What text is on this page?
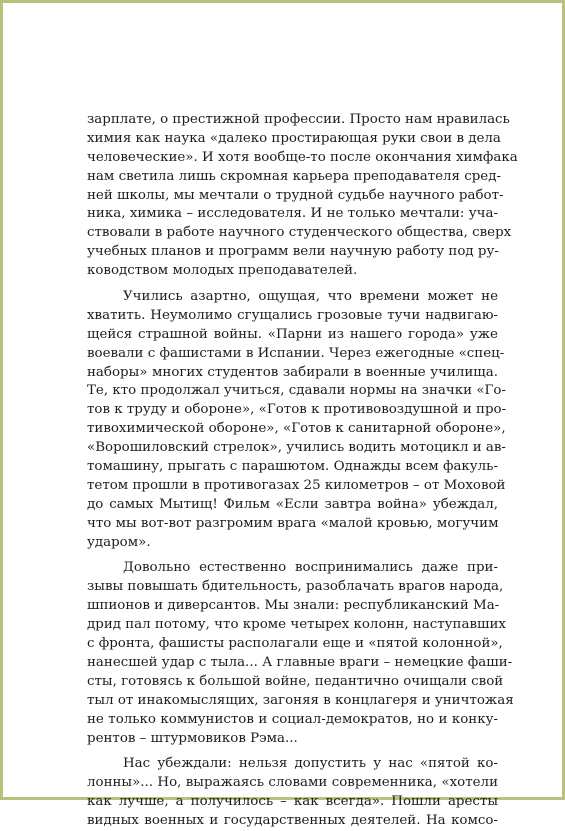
зарплате, о престижной профессии. Просто нам нравилась
химия как наука «далеко простирающая руки свои в дела
человеческие». И хотя вообще-то после окончания химфака
нам светила лишь скромная карьера преподавателя сред-
ней школы, мы мечтали о трудной судьбе научного работ-
ника, химика – исследователя. И не только мечтали: уча-
ствовали в работе научного студенческого общества, сверх
учебных планов и программ вели научную работу под ру-
ководством молодых преподавателей.
Учились азартно, ощущая, что времени может не
хватить. Неумолимо сгущались грозовые тучи надвигаю-
щейся страшной войны. «Парни из нашего города» уже
воевали с фашистами в Испании. Через ежегодные «спец-
наборы» многих студентов забирали в военные училища.
Те, кто продолжал учиться, сдавали нормы на значки «Го-
тов к труду и обороне», «Готов к противовоздушной и про-
тивохимической обороне», «Готов к санитарной обороне»,
«Ворошиловский стрелок», учились водить мотоцикл и ав-
томашину, прыгать с парашютом. Однажды всем факуль-
тетом прошли в противогазах 25 километров – от Моховой
до самых Мытищ! Фильм «Если завтра война» убеждал,
что мы вот-вот разгромим врага «малой кровью, могучим
ударом».
Довольно естественно воспринимались даже при-
зывы повышать бдительность, разоблачать врагов народа,
шпионов и диверсантов. Мы знали: республиканский Ма-
дрид пал потому, что кроме четырех колонн, наступавших
с фронта, фашисты располагали еще и «пятой колонной»,
нанесшей удар с тыла... А главные враги – немецкие фаши-
сты, готовясь к большой войне, педантично очищали свой
тыл от инакомыслящих, загоняя в концлагеря и уничтожая
не только коммунистов и социал-демократов, но и конку-
рентов – штурмовиков Рэма...
Нас убеждали: нельзя допустить у нас «пятой ко-
лонны»... Но, выражаясь словами современника, «хотели
как лучше, а получилось – как всегда». Пошли аресты
видных военных и государственных деятелей. На комсо-
